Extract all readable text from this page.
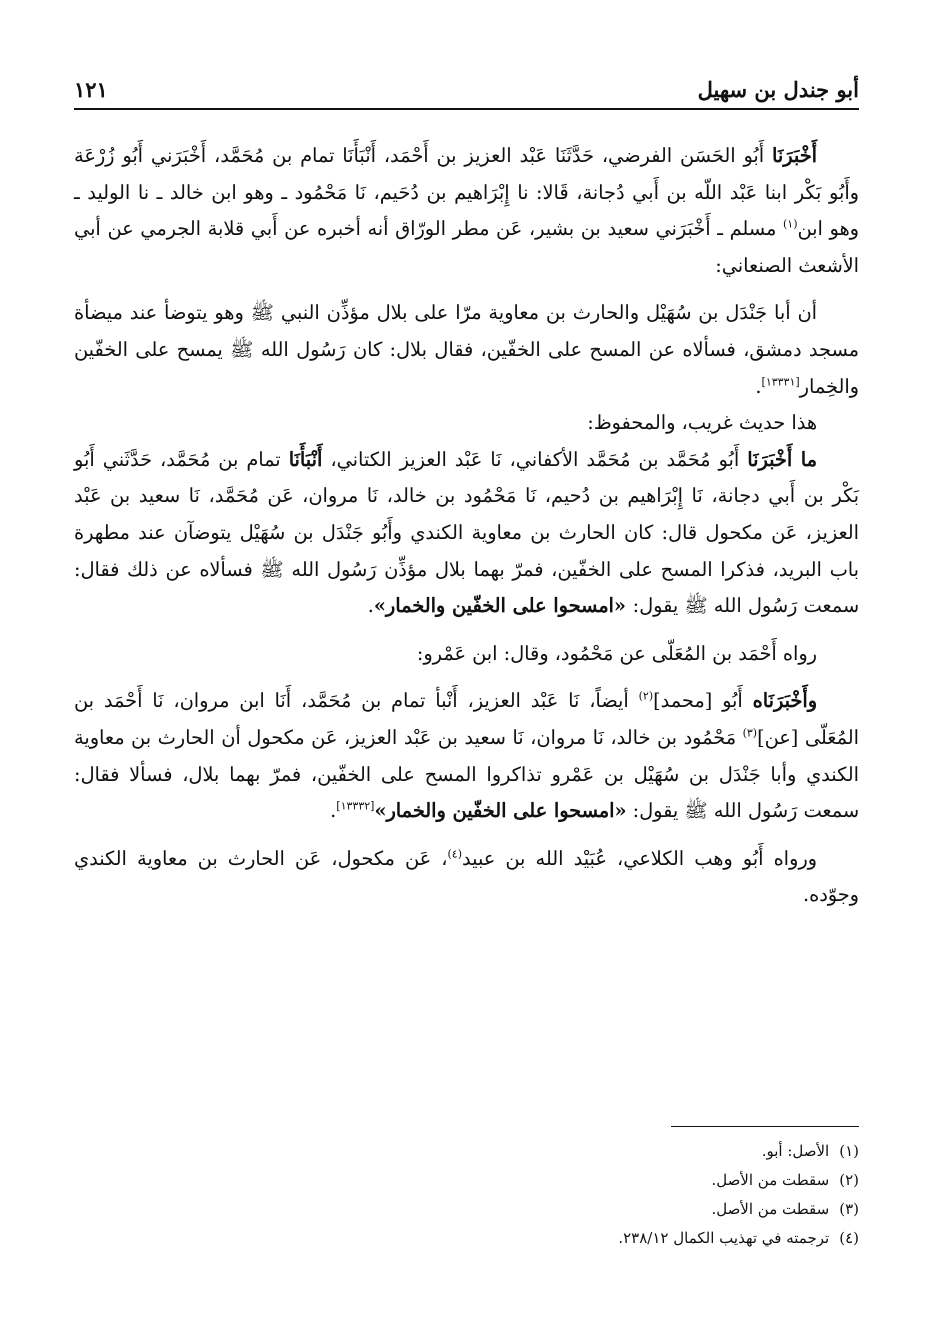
أبو جندل بن سهيل
١٢١

أَخْبَرَنَا أَبُو الحَسَن الفرضي، حَدَّثَنَا عَبْد العزيز بن أَحْمَد، أَنْبَأَنَا تمام بن مُحَمَّد، أَخْبَرَني أَبُو زُرْعَة وأَبُو بَكْر ابنا عَبْد اللّه بن أَبي دُجانة، قَالا: نا إِبْرَاهيم بن دُحَيم، نَا مَحْمُود ـ وهو ابن خالد ـ نا الوليد ـ وهو ابن$^{(١)}$ مسلم ـ أَخْبَرَني سعيد بن بشير، عَن مطر الورّاق أنه أخبره عن أَبي قلابة الجرمي عن أبي الأشعث الصنعاني:

أن أبا جَنْدَل بن سُهَيْل والحارث بن معاوية مرّا على بلال مؤذِّن النبي ﷺ وهو يتوضأ عند ميضأة مسجد دمشق، فسألاه عن المسح على الخفّين، فقال بلال: كان رَسُول الله ﷺ يمسح على الخفّين والخِمار[١٣٣٣١].

هذا حديث غريب، والمحفوظ:

ما أَخْبَرَنَا أَبُو مُحَمَّد بن مُحَمَّد الأكفاني، نَا عَبْد العزيز الكتاني، أَنْبَأَنَا تمام بن مُحَمَّد، حَدَّثَني أَبُو بَكْر بن أَبي دجانة، نَا إِبْرَاهيم بن دُحيم، نَا مَحْمُود بن خالد، نَا مروان، عَن مُحَمَّد، نَا سعيد بن عَبْد العزيز، عَن مكحول قال: كان الحارث بن معاوية الكندي وأَبُو جَنْدَل بن سُهَيْل يتوضآن عند مطهرة باب البريد، فذكرا المسح على الخفّين، فمرّ بهما بلال مؤذِّن رَسُول الله ﷺ فسألاه عن ذلك فقال: سمعت رَسُول الله ﷺ يقول: «امسحوا على الخفّين والخمار».

رواه أَحْمَد بن المُعَلّى عن مَحْمُود، وقال: ابن عَمْرو:

وأَخْبَرَنَاه أَبُو [محمد]$^{(٢)}$ أيضاً، نَا عَبْد العزيز، أَنْبأ تمام بن مُحَمَّد، أَنَا ابن مروان، نَا أَحْمَد بن المُعَلّى [عن]$^{(٣)}$ مَحْمُود بن خالد، نَا مروان، نَا سعيد بن عَبْد العزيز، عَن مكحول أن الحارث بن معاوية الكندي وأبا جَنْدَل بن سُهَيْل بن عَمْرو تذاكروا المسح على الخفّين، فمرّ بهما بلال، فسألا فقال: سمعت رَسُول الله ﷺ يقول: «امسحوا على الخفّين والخمار»[١٣٣٣٢].

ورواه أَبُو وهب الكلاعي، عُبَيْد الله بن عبيد$^{(٤)}$، عَن مكحول، عَن الحارث بن معاوية الكندي وجوّده.

(١)الأصل: أبو.
(٢)سقطت من الأصل.
(٣)سقطت من الأصل.
(٤)ترجمته في تهذيب الكمال ٢٣٨/١٢.
